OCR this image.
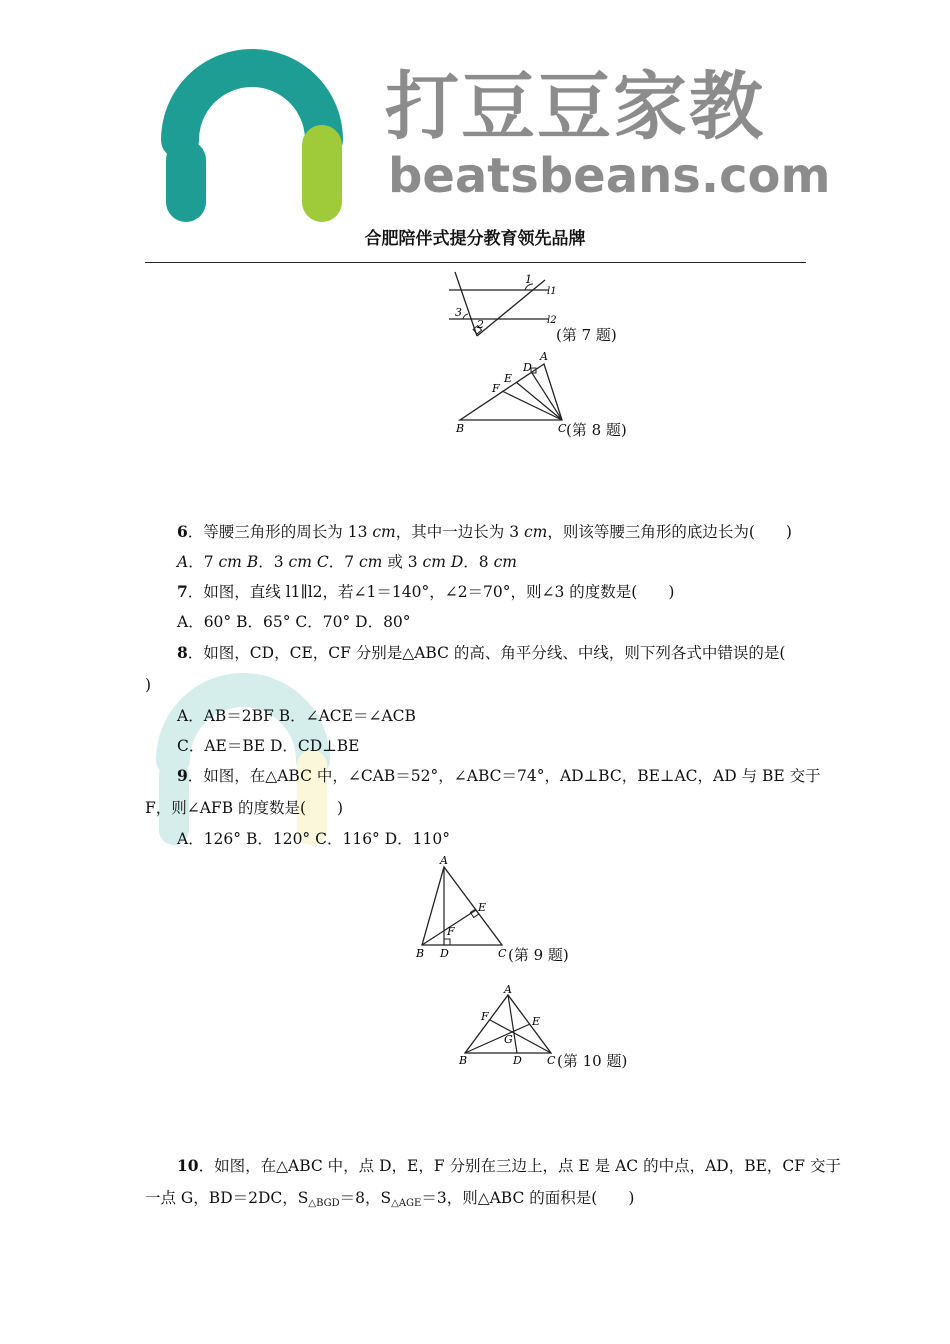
打豆豆家教
beatsbeans.com
合肥陪伴式提分教育领先品牌
1
3
2
l1
l2
(第 7 题)
A
D
E
F
B	C (第 8 题)
6．等腰三角形的周长为 13 cm，其中一边长为 3 cm，则该等腰三角形的底边长为(　　)
A．7 cm B．3 cm C．7 cm 或 3 cm D．8 cm
7．如图，直线 l1∥l2，若∠1＝140°，∠2＝70°，则∠3 的度数是(　　)
A．60° B．65° C．70° D．80°
8．如图，CD，CE，CF 分别是△ABC 的高、角平分线、中线，则下列各式中错误的是(
)
A．AB＝2BF B．∠ACE＝∠ACB
C．AE＝BE D．CD⊥BE
9．如图，在△ABC 中，∠CAB＝52°，∠ABC＝74°，AD⊥BC，BE⊥AC，AD 与 BE 交于
F，则∠AFB 的度数是(　　)
A．126° B．120° C．116° D．110°
A
E
F
B D	C (第 9 题)
A
F	E
G
B	D C (第 10 题)
10．如图，在△ABC 中，点 D，E，F 分别在三边上，点 E 是 AC 的中点，AD，BE，CF 交于
一点 G，BD＝2DC，$S_{\triangle BGD}=8$，$S_{\triangle AGE}=3$，则△ABC 的面积是(　　)
